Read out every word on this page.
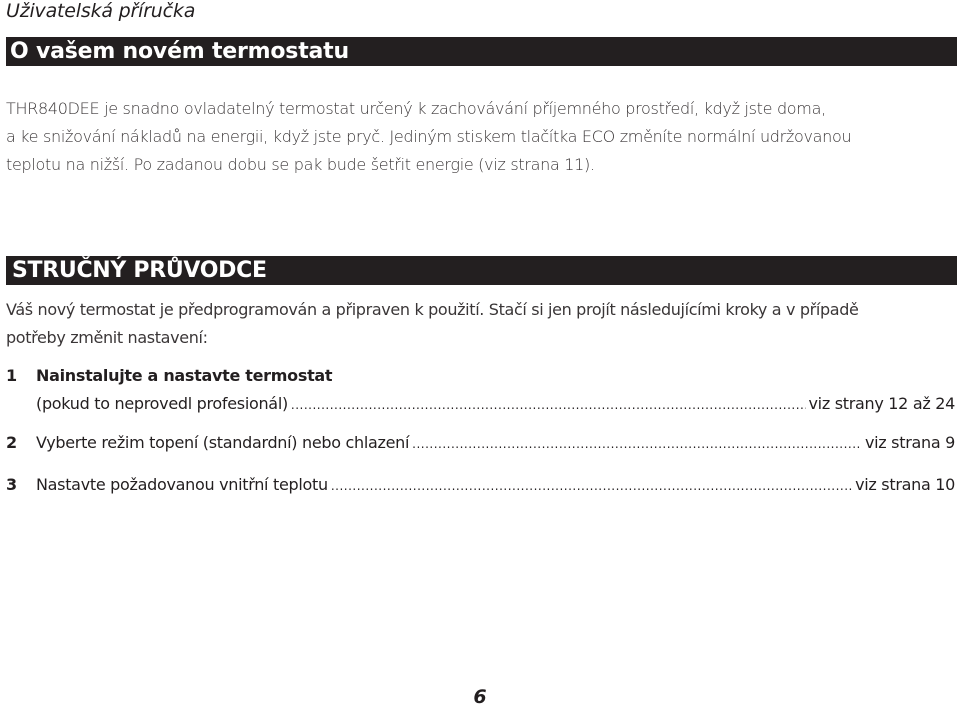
Uživatelská příručka
O vašem novém termostatu

THR840DEE je snadno ovladatelný termostat určený k zachovávání příjemného prostředí, když jste doma,

a ke snižování nákladů na energii, když jste pryč. Jediným stiskem tlačítka ECO změníte normální udržovanou

teplotu na nižší. Po zadanou dobu se pak bude šetřit energie (viz strana 11).

STRUČNÝ PRŮVODCE

Váš nový termostat je předprogramován a připraven k použití. Stačí si jen projít následujícími kroky a v případě

potřeby změnit nastavení:

1	Nainstalujte a nastavte termostat
(pokud to neprovedl profesionál) .....	viz strany 12 až 24
2	Vyberte režim topení (standardní) nebo chlazení .....	viz strana 9
3	Nastavte požadovanou vnitřní teplotu .....	viz strana 10
6
